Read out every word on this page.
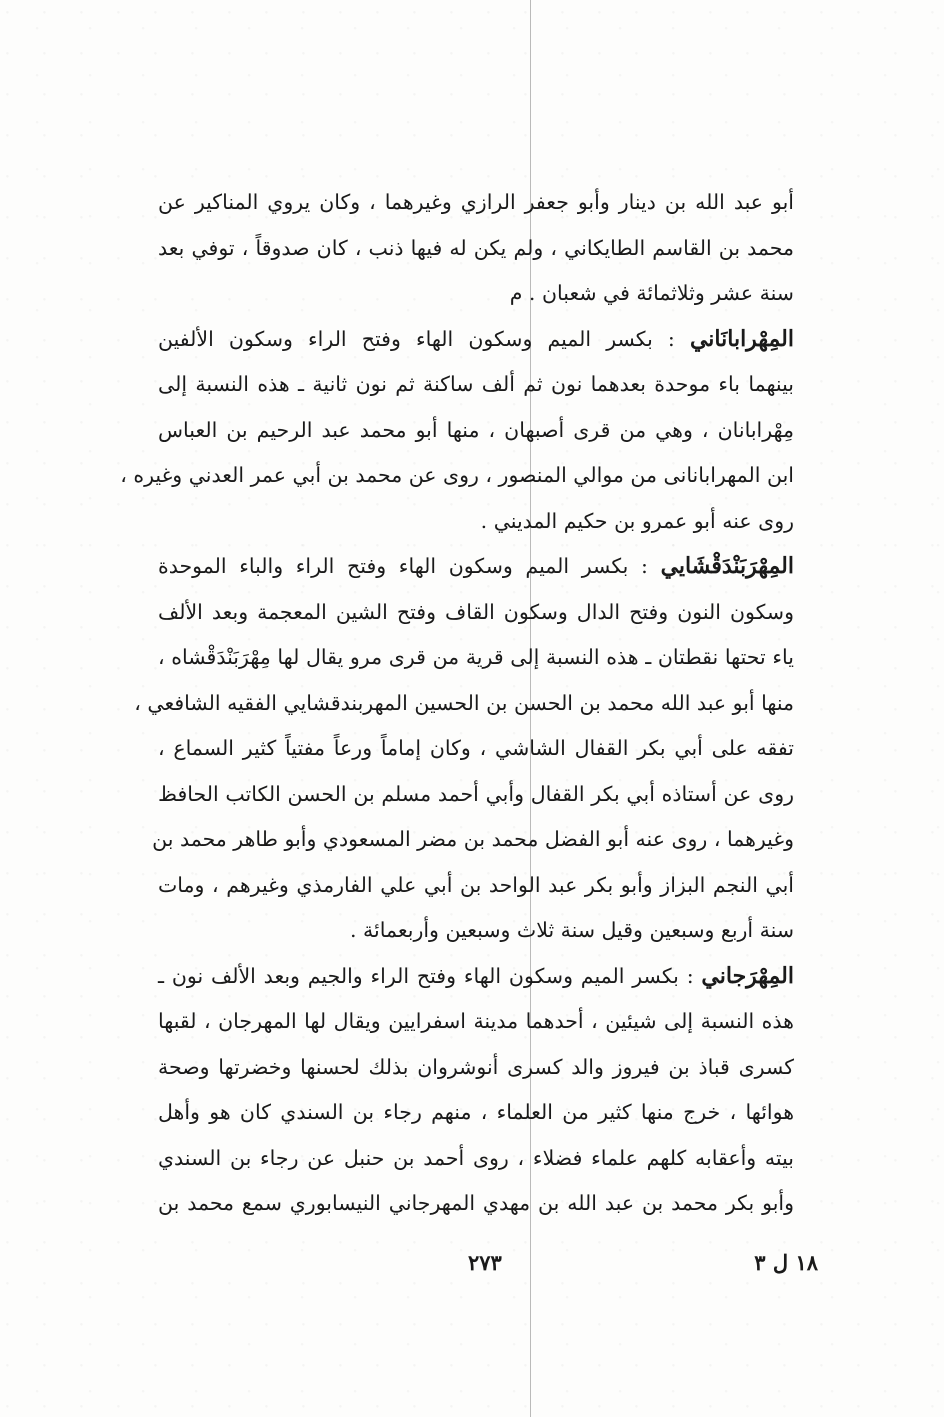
أبو عبد الله بن دينار وأبو جعفر الرازي وغيرهما ، وكان يروي المناكير عن
محمد بن القاسم الطايكاني ، ولم يكن له فيها ذنب ، كان صدوقاً ، توفي بعد
سنة عشر وثلاثمائة في شعبان . م
المِهْرابانَاني : بكسر الميم وسكون الهاء وفتح الراء وسكون الألفين
بينهما باء موحدة بعدهما نون ثم ألف ساكنة ثم نون ثانية ـ هذه النسبة إلى
مِهْرابانان ، وهي من قرى أصبهان ، منها أبو محمد عبد الرحيم بن العباس
ابن المهرابانانى من موالي المنصور ، روى عن محمد بن أبي عمر العدني وغيره ،
روى عنه أبو عمرو بن حكيم المديني .
المِهْرَبَنْدَقْشَايي : بكسر الميم وسكون الهاء وفتح الراء والباء الموحدة
وسكون النون وفتح الدال وسكون القاف وفتح الشين المعجمة وبعد الألف
ياء تحتها نقطتان ـ هذه النسبة إلى قرية من قرى مرو يقال لها مِهْرَبَنْدَقْشاه ،
منها أبو عبد الله محمد بن الحسن بن الحسين المهربندقشايي الفقيه الشافعي ،
تفقه على أبي بكر القفال الشاشي ، وكان إماماً ورعاً مفتياً كثير السماع ،
روى عن أستاذه أبي بكر القفال وأبي أحمد مسلم بن الحسن الكاتب الحافظ
وغيرهما ، روى عنه أبو الفضل محمد بن مضر المسعودي وأبو طاهر محمد بن
أبي النجم البزاز وأبو بكر عبد الواحد بن أبي علي الفارمذي وغيرهم ، ومات
سنة أربع وسبعين وقيل سنة ثلاث وسبعين وأربعمائة .
المِهْرَجاني : بكسر الميم وسكون الهاء وفتح الراء والجيم وبعد الألف نون ـ
هذه النسبة إلى شيئين ، أحدهما مدينة اسفرايين ويقال لها المهرجان ، لقبها
كسرى قباذ بن فيروز والد كسرى أنوشروان بذلك لحسنها وخضرتها وصحة
هوائها ، خرج منها كثير من العلماء ، منهم رجاء بن السندي كان هو وأهل
بيته وأعقابه كلهم علماء فضلاء ، روى أحمد بن حنبل عن رجاء بن السندي
وأبو بكر محمد بن عبد الله بن مهدي المهرجاني النيسابوري سمع محمد بن
١٨ ل ٣
٢٧٣
